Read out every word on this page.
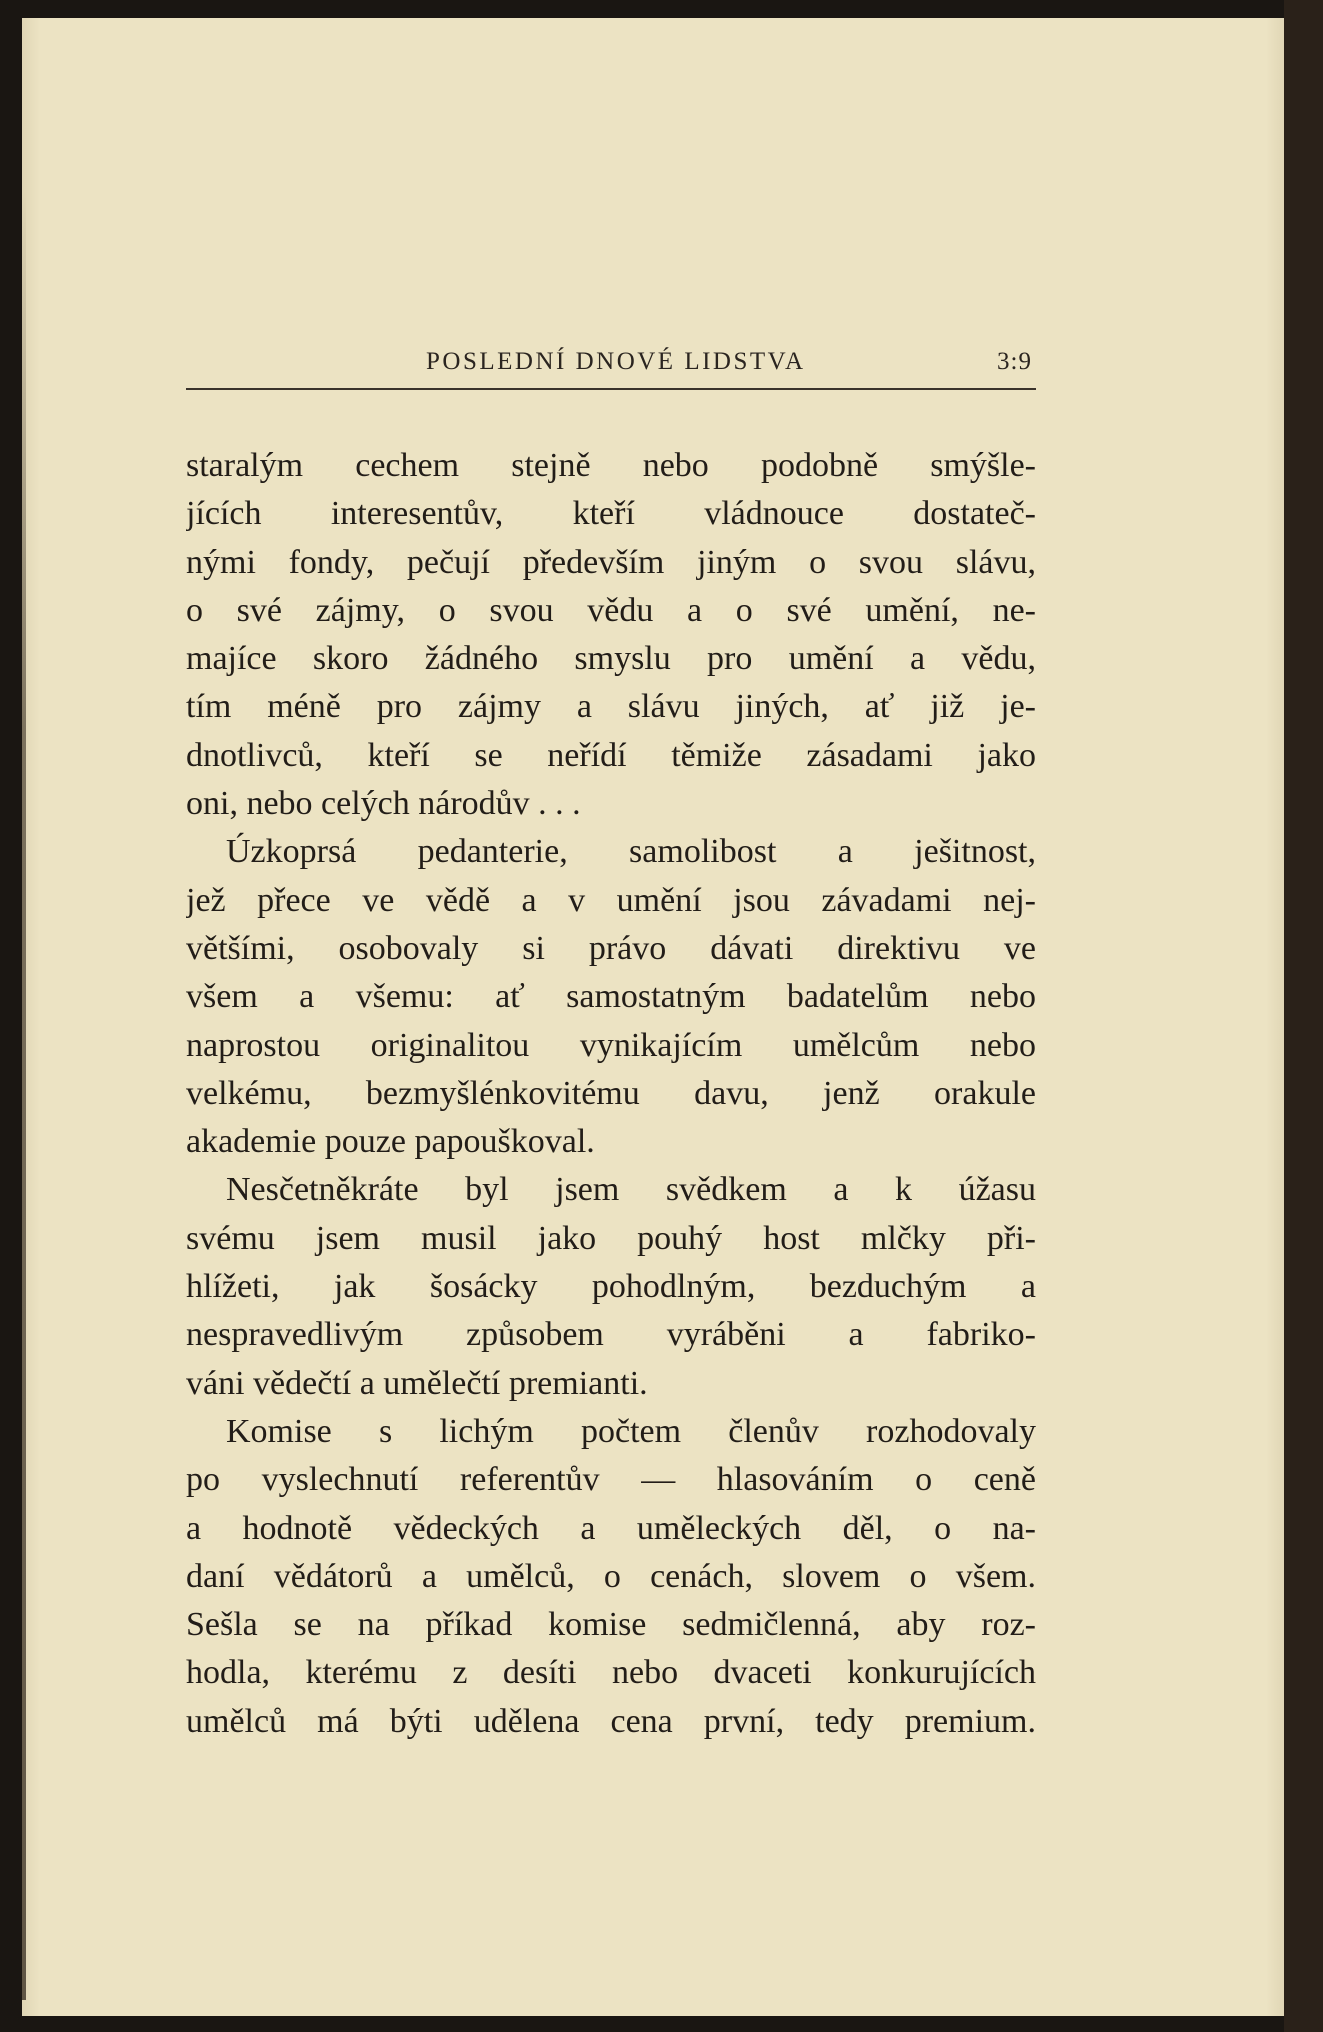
POSLEDNÍ DNOVÉ LIDSTVA	3:9
staralým cechem stejně nebo podobně smýšle-
jících interesentův, kteří vládnouce dostateč-
nými fondy, pečují především jiným o svou slávu,
o své zájmy, o svou vědu a o své umění, ne-
majíce skoro žádného smyslu pro umění a vědu,
tím méně pro zájmy a slávu jiných, ať již je-
dnotlivců, kteří se neřídí těmiže zásadami jako
oni, nebo celých národův . . .
Úzkoprsá pedanterie, samolibost a ješitnost,
jež přece ve vědě a v umění jsou závadami nej-
většími, osobovaly si právo dávati direktivu ve
všem a všemu: ať samostatným badatelům nebo
naprostou originalitou vynikajícím umělcům nebo
velkému, bezmyšlénkovitému davu, jenž orakule
akademie pouze papouškoval.
Nesčetněkráte byl jsem svědkem a k úžasu
svému jsem musil jako pouhý host mlčky při-
hlížeti, jak šosácky pohodlným, bezduchým a
nespravedlivým způsobem vyráběni a fabriko-
váni vědečtí a umělečtí premianti.
Komise s lichým počtem členův rozhodovaly
po vyslechnutí referentův — hlasováním o ceně
a hodnotě vědeckých a uměleckých děl, o na-
daní vědátorů a umělců, o cenách, slovem o všem.
Sešla se na příkad komise sedmičlenná, aby roz-
hodla, kterému z desíti nebo dvaceti konkurujících
umělců má býti udělena cena první, tedy premium.
